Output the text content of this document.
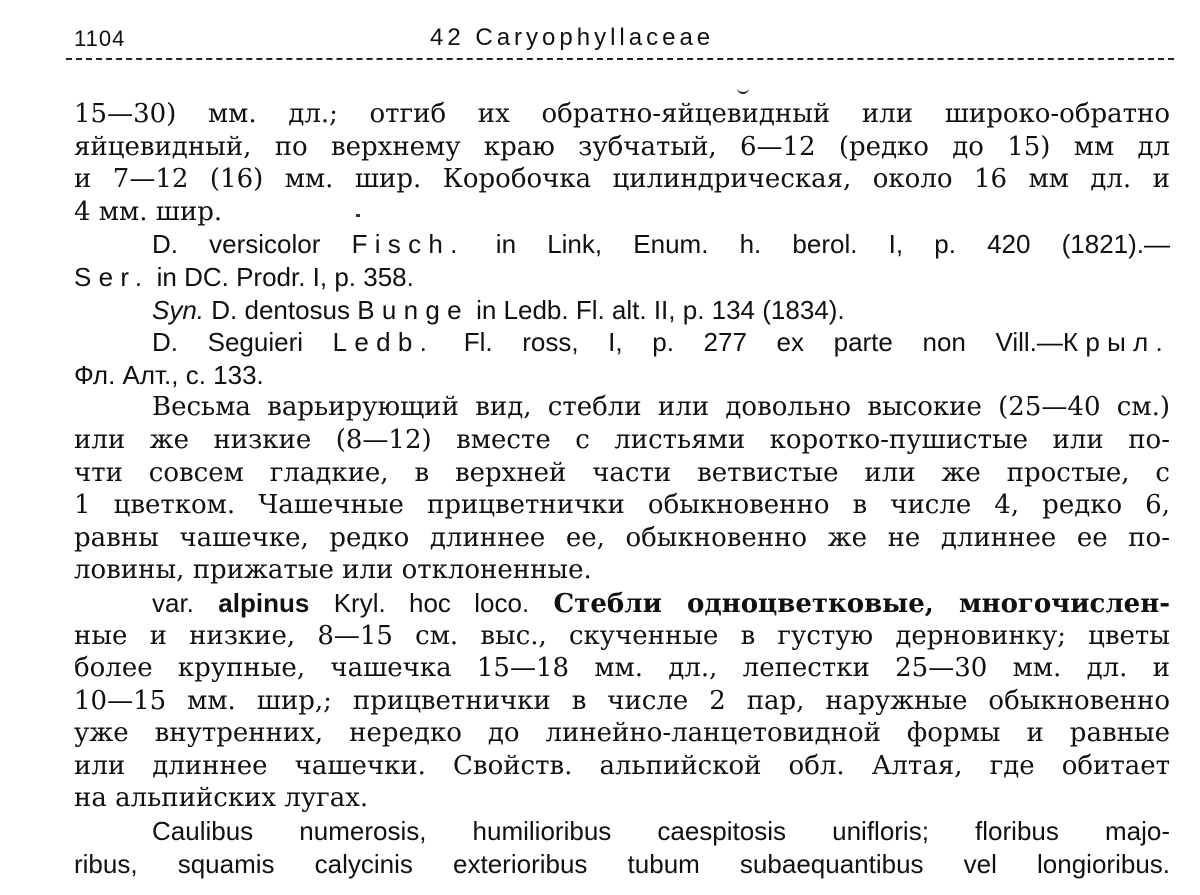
1104	42 Caryophyllaceae
15—30) мм. дл.; отгиб их обратно-яйцевидный или широко-обратно
яйцевидный, по верхнему краю зубчатый, 6—12 (редко до 15) мм дл
и 7—12 (16) мм. шир. Коробочка цилиндрическая, около 16 мм дл. и
4 мм. шир.
D. versicolor Fisch. in Link, Enum. h. berol. I, p. 420 (1821).—
Ser. in DC. Prodr. I, p. 358.
Syn. D. dentosus Bunge in Ledb. Fl. alt. II, p. 134 (1834).
D. Seguieri Ledb. Fl. ross, I, p. 277 ex parte non Vill.—Крыл.
Фл. Алт., с. 133.
Весьма варьирующий вид, стебли или довольно высокие (25—40 см.)
или же низкие (8—12) вместе с листьями коротко-пушистые или по-
чти совсем гладкие, в верхней части ветвистые или же простые, с
1 цветком. Чашечные прицветнички обыкновенно в числе 4, редко 6,
равны чашечке, редко длиннее ее, обыкновенно же не длиннее ее по-
ловины, прижатые или отклоненные.
var. alpinus Kryl. hoc loco. Стебли одноцветковые, многочислен-
ные и низкие, 8—15 см. выс., скученные в густую дерновинку; цветы
более крупные, чашечка 15—18 мм. дл., лепестки 25—30 мм. дл. и
10—15 мм. шир,; прицветнички в числе 2 пар, наружные обыкновенно
уже внутренних, нередко до линейно-ланцетовидной формы и равные
или длиннее чашечки. Свойств. альпийской обл. Алтая, где обитает
на альпийских лугах.
Caulibus numerosis, humilioribus caespitosis unifloris; floribus majo-
ribus, squamis calycinis exterioribus tubum subaequantibus vel longioribus.
